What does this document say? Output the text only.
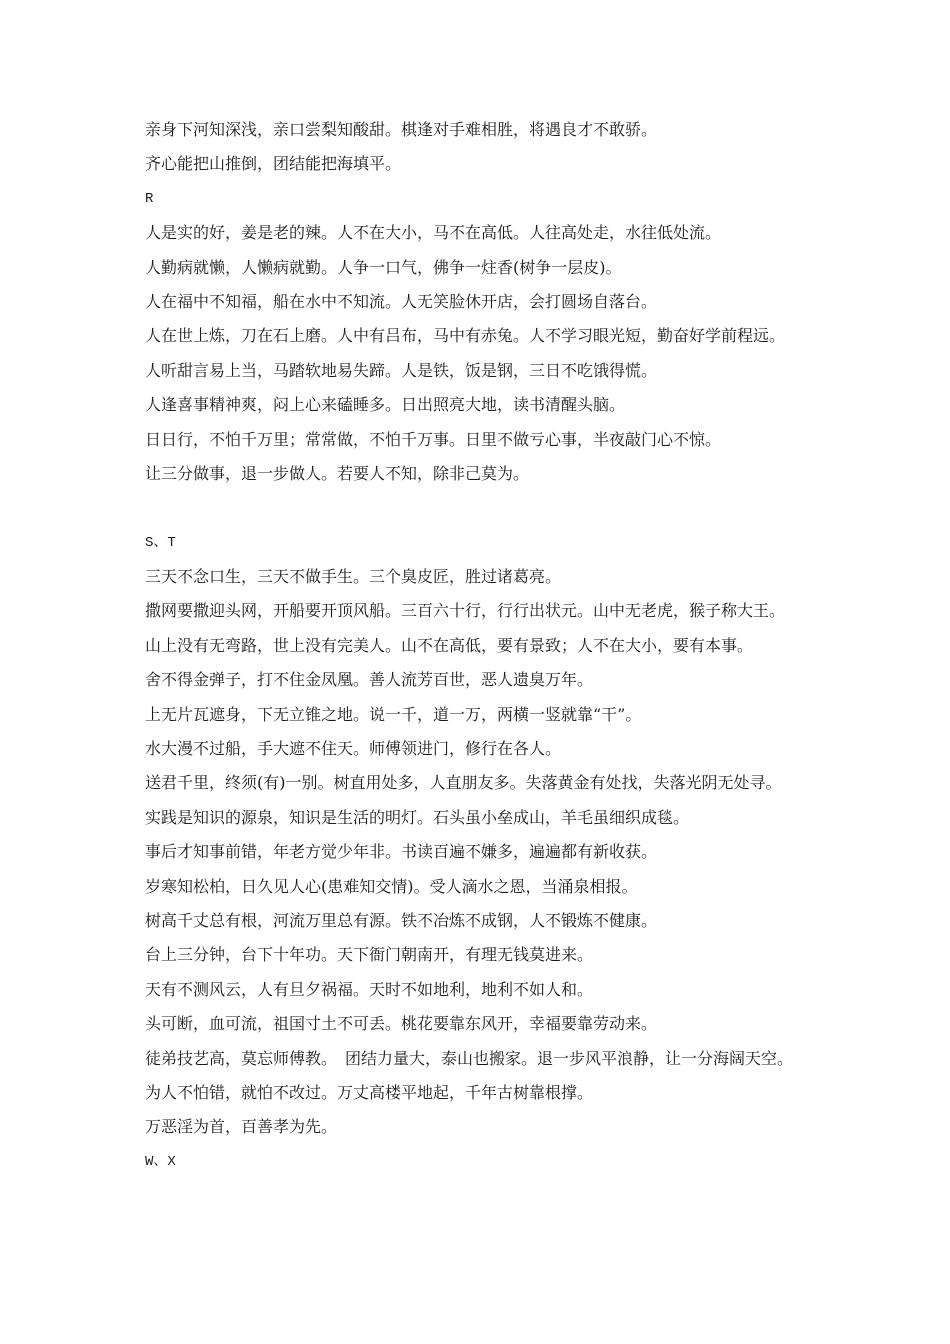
亲身下河知深浅，亲口尝梨知酸甜。棋逢对手难相胜，将遇良才不敢骄。
齐心能把山推倒，团结能把海填平。
R
人是实的好，姜是老的辣。人不在大小，马不在高低。人往高处走，水往低处流。
人勤病就懒，人懒病就勤。人争一口气，佛争一炷香(树争一层皮)。
人在福中不知福，船在水中不知流。人无笑脸休开店，会打圆场自落台。
人在世上炼，刀在石上磨。人中有吕布，马中有赤兔。人不学习眼光短，勤奋好学前程远。
人听甜言易上当，马踏软地易失蹄。人是铁，饭是钢，三日不吃饿得慌。
人逢喜事精神爽，闷上心来磕睡多。日出照亮大地，读书清醒头脑。
日日行，不怕千万里；常常做，不怕千万事。日里不做亏心事，半夜敲门心不惊。
让三分做事，退一步做人。若要人不知，除非己莫为。
S、T
三天不念口生，三天不做手生。三个臭皮匠，胜过诸葛亮。
撒网要撒迎头网，开船要开顶风船。三百六十行，行行出状元。山中无老虎，猴子称大王。
山上没有无弯路，世上没有完美人。山不在高低，要有景致；人不在大小，要有本事。
舍不得金弹子，打不住金凤凰。善人流芳百世，恶人遗臭万年。
上无片瓦遮身，下无立锥之地。说一千，道一万，两横一竖就靠“干”。
水大漫不过船，手大遮不住天。师傅领进门，修行在各人。
送君千里，终须(有)一别。树直用处多，人直朋友多。失落黄金有处找，失落光阴无处寻。
实践是知识的源泉，知识是生活的明灯。石头虽小垒成山，羊毛虽细织成毯。
事后才知事前错，年老方觉少年非。书读百遍不嫌多，遍遍都有新收获。
岁寒知松柏，日久见人心(患难知交情)。受人滴水之恩，当涌泉相报。
树高千丈总有根，河流万里总有源。铁不冶炼不成钢，人不锻炼不健康。
台上三分钟，台下十年功。天下衙门朝南开，有理无钱莫进来。
天有不测风云，人有旦夕祸福。天时不如地利，地利不如人和。
头可断，血可流，祖国寸土不可丢。桃花要靠东风开，幸福要靠劳动来。
徒弟技艺高，莫忘师傅教。　团结力量大，泰山也搬家。退一步风平浪静，让一分海阔天空。
为人不怕错，就怕不改过。万丈高楼平地起，千年古树靠根撑。
万恶淫为首，百善孝为先。
W、X
